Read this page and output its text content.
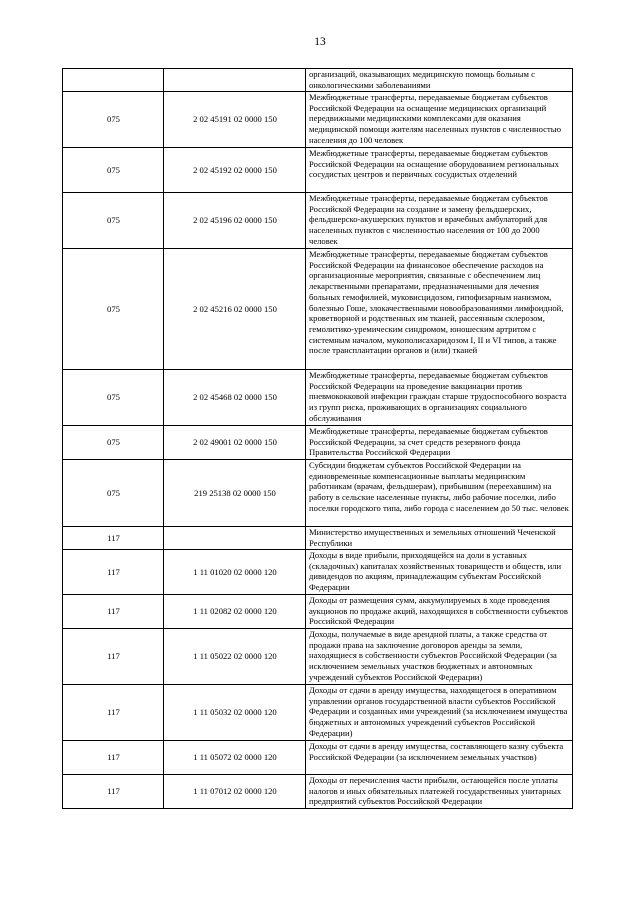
13

		организаций, оказывающих медицинскую помощь больным с онкологическими заболеваниями

075	2 02 45191 02 0000 150	Межбюджетные трансферты, передаваемые бюджетам субъектов Российской Федерации на оснащение медицинских организаций передвижными медицинскими комплексами для оказания медицинской помощи жителям населенных пунктов с численностью населения до 100 человек

075	2 02 45192 02 0000 150	Межбюджетные трансферты, передаваемые бюджетам субъектов Российской Федерации на оснащение оборудованием региональных сосудистых центров и первичных сосудистых отделений

075	2 02 45196 02 0000 150	Межбюджетные трансферты, передаваемые бюджетам субъектов Российской Федерации на создание и замену фельдшерских, фельдшерско-акушерских пунктов и врачебных амбулаторий для населенных пунктов с численностью населения от 100 до 2000 человек

075	2 02 45216 02 0000 150	Межбюджетные трансферты, передаваемые бюджетам субъектов Российской Федерации на финансовое обеспечение расходов на организационные мероприятия, связанные с обеспечением лиц лекарственными препаратами, предназначенными для лечения больных гемофилией, муковисцидозом, гипофизарным нанизмом, болезнью Гоше, злокачественными новообразованиями лимфоидной, кроветворной и родственных им тканей, рассеянным склерозом, гемолитико-уремическим синдромом, юношеским артритом с системным началом, мукополисахаридозом I, II и VI типов, а также после трансплантации органов и (или) тканей

075	2 02 45468 02 0000 150	Межбюджетные трансферты, передаваемые бюджетам субъектов Российской Федерации на проведение вакцинации против пневмококковой инфекции граждан старше трудоспособного возраста из групп риска, проживающих в организациях социального обслуживания

075	2 02 49001 02 0000 150	Межбюджетные трансферты, передаваемые бюджетам субъектов Российской Федерации, за счет средств резервного фонда Правительства Российской Федерации

075	219 25138 02 0000 150	Субсидии бюджетам субъектов Российской Федерации на единовременные компенсационные выплаты медицинским работникам (врачам, фельдшерам), прибывшим (переехавшим) на работу в сельские населенные пункты, либо рабочие поселки, либо поселки городского типа, либо города с населением до 50 тыс. человек

117		Министерство имущественных и земельных отношений Чеченской Республики

117	1 11 01020 02 0000 120	Доходы в виде прибыли, приходящейся на доли в уставных (складочных) капиталах хозяйственных товариществ и обществ, или дивидендов по акциям, принадлежащим субъектам Российской Федерации

117	1 11 02082 02 0000 120	Доходы от размещения сумм, аккумулируемых в ходе проведения аукционов по продаже акций, находящихся в собственности субъектов Российской Федерации

117	1 11 05022 02 0000 120	Доходы, получаемые в виде арендной платы, а также средства от продажи права на заключение договоров аренды за земли, находящиеся в собственности субъектов Российской Федерации (за исключением земельных участков бюджетных и автономных учреждений субъектов Российской Федерации)

117	1 11 05032 02 0000 120	Доходы от сдачи в аренду имущества, находящегося в оперативном управлении органов государственной власти субъектов Российской Федерации и созданных ими учреждений (за исключением имущества бюджетных и автономных учреждений субъектов Российской Федерации)

117	1 11 05072 02 0000 120	Доходы от сдачи в аренду имущества, составляющего казну субъекта Российской Федерации (за исключением земельных участков)

117	1 11 07012 02 0000 120	Доходы от перечисления части прибыли, остающейся после уплаты налогов и иных обязательных платежей государственных унитарных предприятий субъектов Российской Федерации
